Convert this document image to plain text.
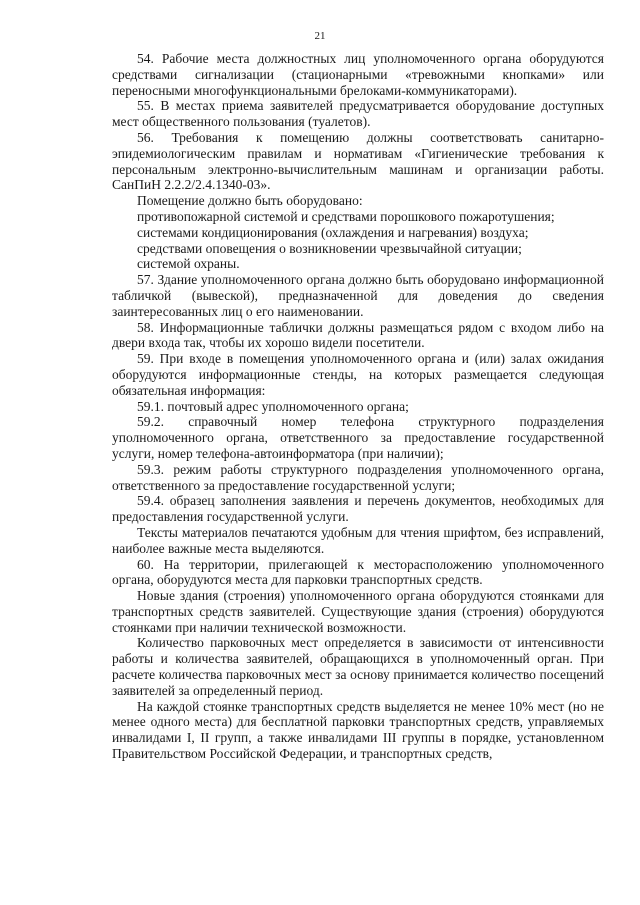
21

54. Рабочие места должностных лиц уполномоченного органа оборудуются средствами сигнализации (стационарными «тревожными кнопками» или переносными многофункциональными брелоками-коммуникаторами).

55. В местах приема заявителей предусматривается оборудование доступных мест общественного пользования (туалетов).

56. Требования к помещению должны соответствовать санитарно-эпидемиологическим правилам и нормативам «Гигиенические требования к персональным электронно-вычислительным машинам и организации работы. СанПиН 2.2.2/2.4.1340-03».

Помещение должно быть оборудовано:

противопожарной системой и средствами порошкового пожаротушения;

системами кондиционирования (охлаждения и нагревания) воздуха;

средствами оповещения о возникновении чрезвычайной ситуации;

системой охраны.

57. Здание уполномоченного органа должно быть оборудовано информационной табличкой (вывеской), предназначенной для доведения до сведения заинтересованных лиц о его наименовании.

58. Информационные таблички должны размещаться рядом с входом либо на двери входа так, чтобы их хорошо видели посетители.

59. При входе в помещения уполномоченного органа и (или) залах ожидания оборудуются информационные стенды, на которых размещается следующая обязательная информация:

59.1. почтовый адрес уполномоченного органа;

59.2. справочный номер телефона структурного подразделения уполномоченного органа, ответственного за предоставление государственной услуги, номер телефона-автоинформатора (при наличии);

59.3. режим работы структурного подразделения уполномоченного органа, ответственного за предоставление государственной услуги;

59.4. образец заполнения заявления и перечень документов, необходимых для предоставления государственной услуги.

Тексты материалов печатаются удобным для чтения шрифтом, без исправлений, наиболее важные места выделяются.

60. На территории, прилегающей к месторасположению уполномоченного органа, оборудуются места для парковки транспортных средств.

Новые здания (строения) уполномоченного органа оборудуются стоянками для транспортных средств заявителей. Существующие здания (строения) оборудуются стоянками при наличии технической возможности.

Количество парковочных мест определяется в зависимости от интенсивности работы и количества заявителей, обращающихся в уполномоченный орган. При расчете количества парковочных мест за основу принимается количество посещений заявителей за определенный период.

На каждой стоянке транспортных средств выделяется не менее 10% мест (но не менее одного места) для бесплатной парковки транспортных средств, управляемых инвалидами I, II групп, а также инвалидами III группы в порядке, установленном Правительством Российской Федерации, и транспортных средств,
